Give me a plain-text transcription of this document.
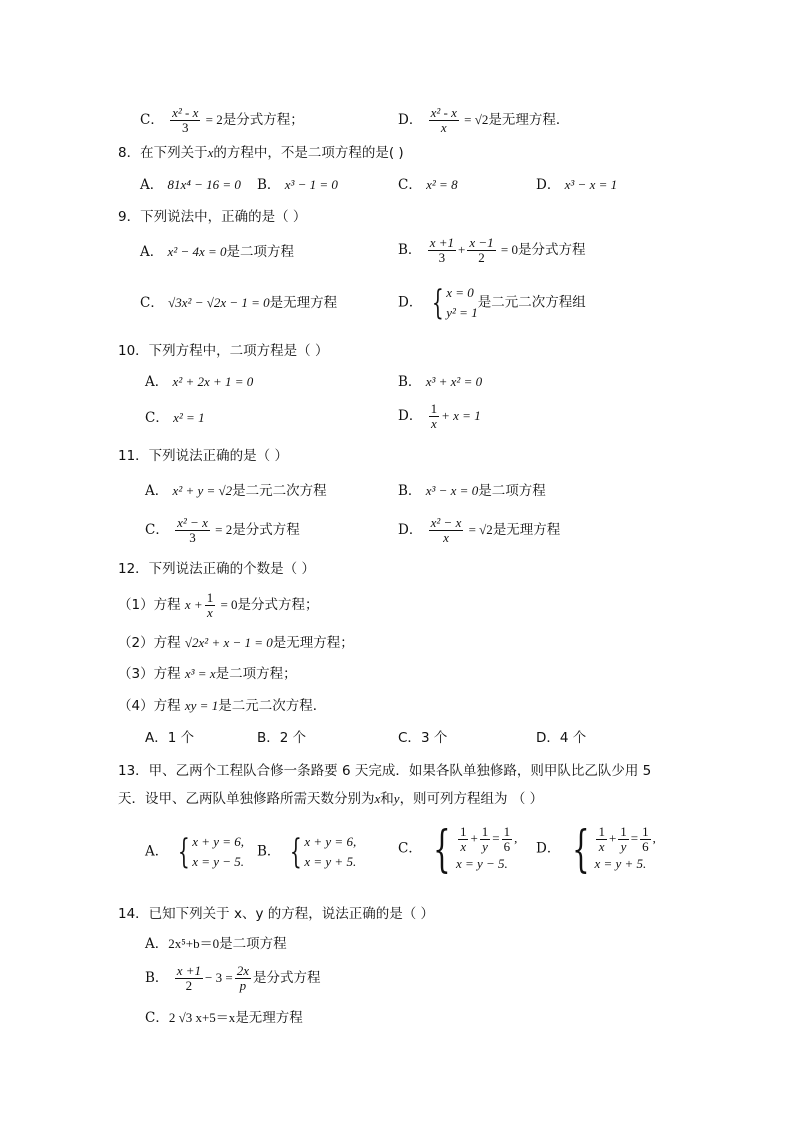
C． $\frac{\text{x² - x}}{3} = 2$是分式方程；	D． $\frac{\text{x² - x}}{x} = √2$是无理方程．
8．在下列关于x的方程中，不是二项方程的是( )
A． 81x⁴ − 16 = 0 B． x³ − 1 = 0	C． x² = 8	D． x³ − x = 1
9．下列说法中，正确的是（ ）
A． x² − 4x = 0是二项方程	B． $\frac{x +1}{3} + \frac{x -1}{2} = 0$是分式方程
C． √3x² − √2x − 1 = 0是无理方程	D． { x = 0
y² = 1
是二元二次方程组
10．下列方程中，二项方程是（ ）
A． x² + 2x + 1 = 0	B． x³ + x² = 0
C． x² = 1	D． $\frac{1}{x} + x = 1$
11．下列说法正确的是（ ）
A． x² + y = √2是二元二次方程	B． x³ − x = 0是二项方程
C． $\frac{\text{x² − x}}{3} = 2$是分式方程	D． $\frac{\text{x² − x}}{x} = √2$是无理方程
12．下列说法正确的个数是（ ）
（1）方程 $x + \frac{1}{x} = 0$是分式方程；
（2）方程 √2x² + x − 1 = 0是无理方程；
（3）方程 x³ = x是二项方程；
（4）方程 xy = 1是二元二次方程．
A．1 个	B．2 个	C．3 个	D．4 个
13．甲、乙两个工程队合修一条路要 6 天完成．如果各队单独修路，则甲队比乙队少用 5
天．设甲、乙两队单独修路所需天数分别为x和y，则可列方程组为 （ ）
A． { x + y = 6,
x = y − 5.
B． { x + y = 6,
x = y + 5.
C． { $\frac{1}{x} + \frac{1}{y} = \frac{1}{6}$ ,
x = y − 5.
D． { $\frac{1}{x} + \frac{1}{y} = \frac{1}{6}$ ,
x = y + 5.
14．已知下列关于 x、y 的方程，说法正确的是（ ）
A．2x⁵+b＝0是二项方程
B． $\frac{x +1}{2} - 3 = \frac{2x}{p}$ 是分式方程
C．2 √3 x+5＝x是无理方程
